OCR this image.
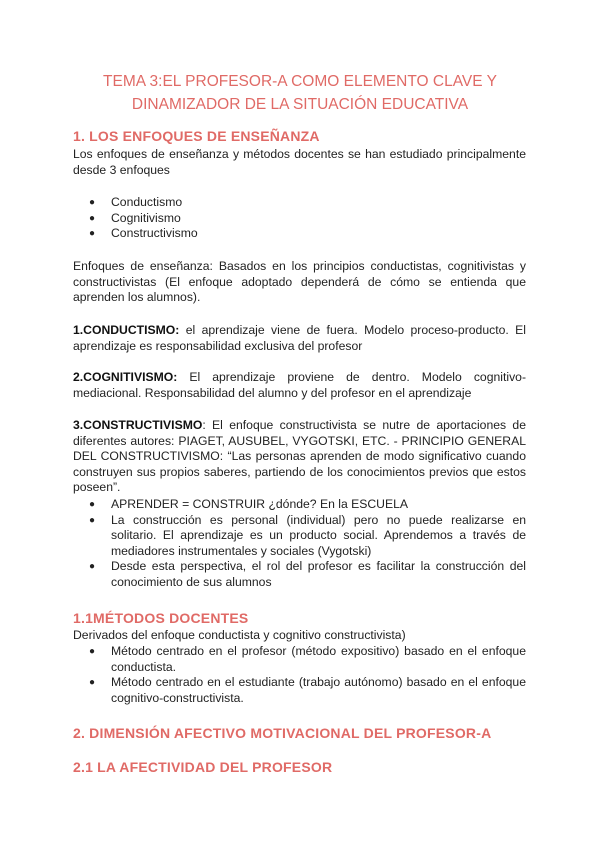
TEMA 3:EL PROFESOR-A COMO ELEMENTO CLAVE Y
DINAMIZADOR DE LA SITUACIÓN EDUCATIVA
1. LOS ENFOQUES DE ENSEÑANZA
Los enfoques de enseñanza y métodos docentes se han estudiado principalmente desde 3 enfoques
● Conductismo
● Cognitivismo
● Constructivismo
Enfoques de enseñanza: Basados en los principios conductistas, cognitivistas y constructivistas (El enfoque adoptado dependerá de cómo se entienda que aprenden los alumnos).
1.CONDUCTISMO: el aprendizaje viene de fuera. Modelo proceso-producto. El aprendizaje es responsabilidad exclusiva del profesor
2.COGNITIVISMO: El aprendizaje proviene de dentro. Modelo cognitivo-mediacional. Responsabilidad del alumno y del profesor en el aprendizaje
3.CONSTRUCTIVISMO: El enfoque constructivista se nutre de aportaciones de diferentes autores: PIAGET, AUSUBEL, VYGOTSKI, ETC. - PRINCIPIO GENERAL DEL CONSTRUCTIVISMO: “Las personas aprenden de modo significativo cuando construyen sus propios saberes, partiendo de los conocimientos previos que estos poseen”.
● APRENDER = CONSTRUIR ¿dónde? En la ESCUELA
● La construcción es personal (individual) pero no puede realizarse en solitario. El aprendizaje es un producto social. Aprendemos a través de mediadores instrumentales y sociales (Vygotski)
● Desde esta perspectiva, el rol del profesor es facilitar la construcción del conocimiento de sus alumnos
1.1MÉTODOS DOCENTES
Derivados del enfoque conductista y cognitivo constructivista)
● Método centrado en el profesor (método expositivo) basado en el enfoque conductista.
● Método centrado en el estudiante (trabajo autónomo) basado en el enfoque cognitivo-constructivista.
2. DIMENSIÓN AFECTIVO MOTIVACIONAL DEL PROFESOR-A
2.1 LA AFECTIVIDAD DEL PROFESOR
